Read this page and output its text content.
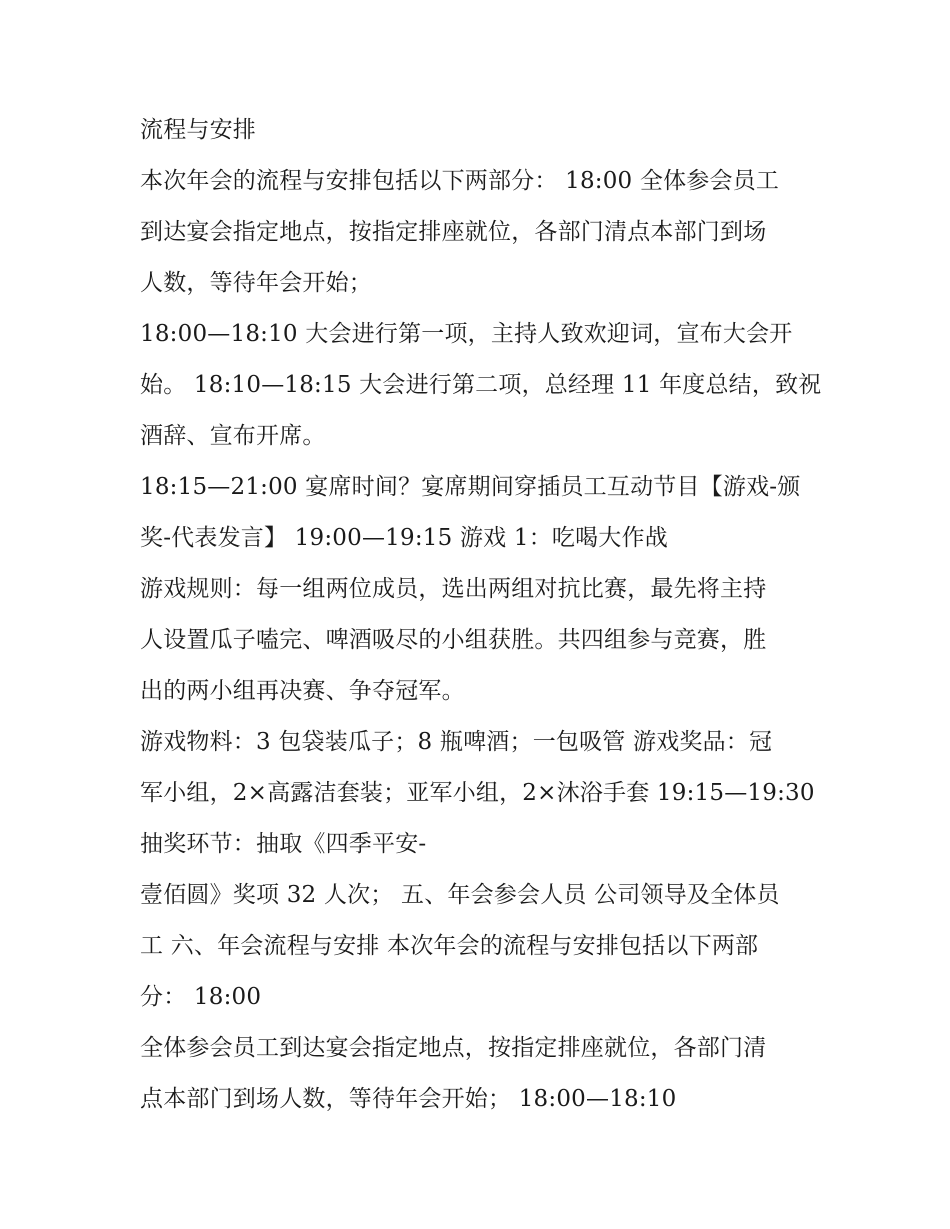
流程与安排
本次年会的流程与安排包括以下两部分： 18:00 全体参会员工
到达宴会指定地点，按指定排座就位，各部门清点本部门到场
人数，等待年会开始；
18:00—18:10 大会进行第一项，主持人致欢迎词，宣布大会开
始。 18:10—18:15 大会进行第二项，总经理 11 年度总结，致祝
酒辞、宣布开席。
18:15—21:00 宴席时间？宴席期间穿插员工互动节目【游戏-颁
奖-代表发言】 19:00—19:15 游戏 1：吃喝大作战
游戏规则：每一组两位成员，选出两组对抗比赛，最先将主持
人设置瓜子嗑完、啤酒吸尽的小组获胜。共四组参与竞赛，胜
出的两小组再决赛、争夺冠军。
游戏物料：3 包袋装瓜子；8 瓶啤酒；一包吸管 游戏奖品：冠
军小组，2×高露洁套装；亚军小组，2×沐浴手套 19:15—19:30
抽奖环节：抽取《四季平安-
壹佰圆》奖项 32 人次； 五、年会参会人员 公司领导及全体员
工 六、年会流程与安排 本次年会的流程与安排包括以下两部
分： 18:00
全体参会员工到达宴会指定地点，按指定排座就位，各部门清
点本部门到场人数，等待年会开始； 18:00—18:10
